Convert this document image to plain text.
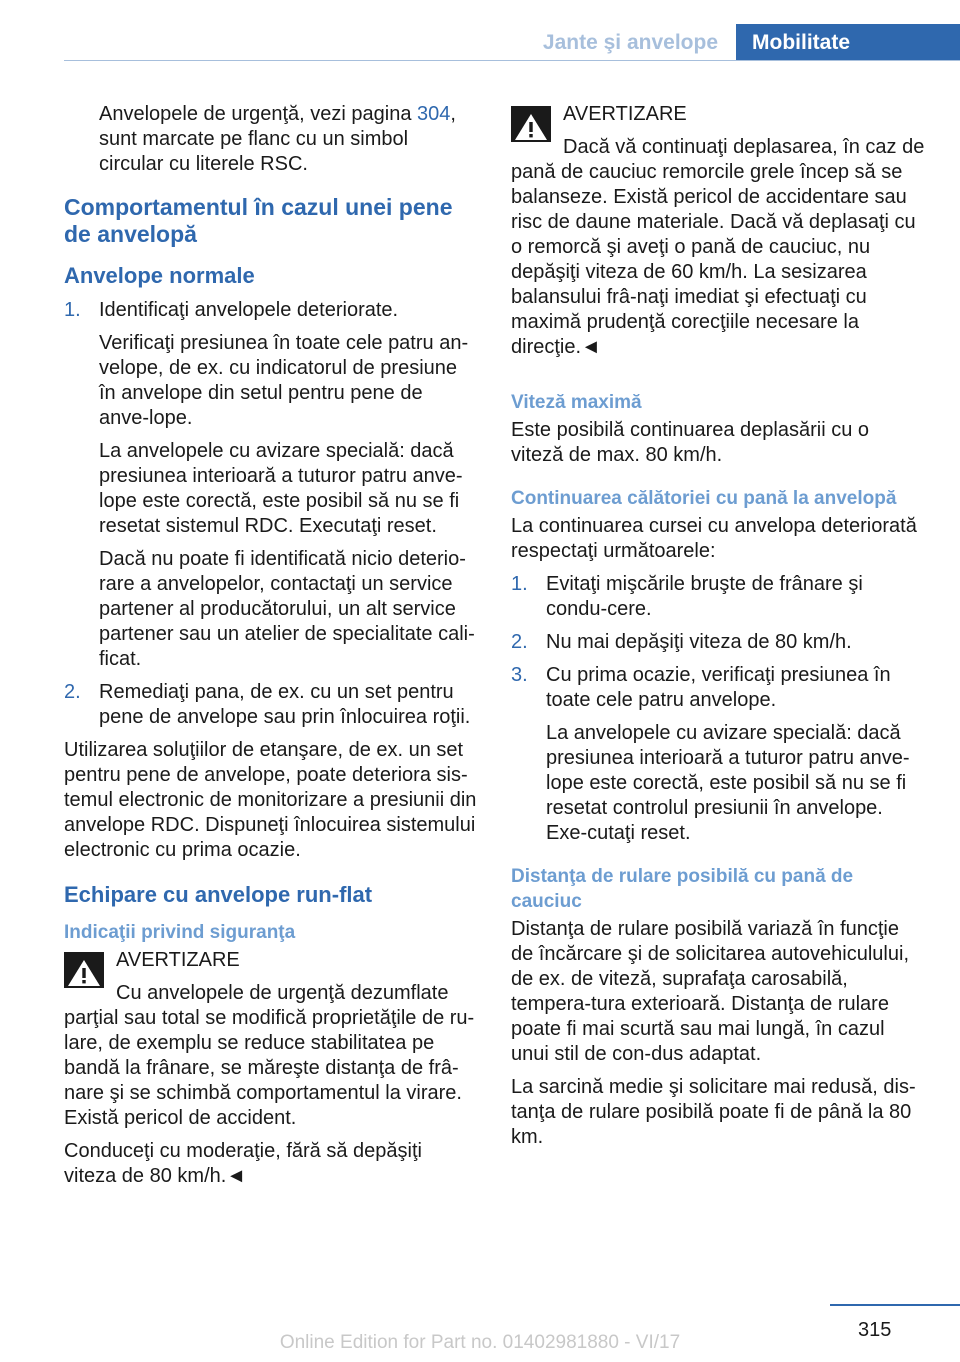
Jante şi anvelope	Mobilitate

Anvelopele de urgenţă, vezi pagina 304, sunt marcate pe flanc cu un simbol circular cu literele RSC.

Comportamentul în cazul unei pene de anvelopă
Anvelope normale
1. Identificaţi anvelopele deteriorate.

Verificaţi presiunea în toate cele patru an‐velope, de ex. cu indicatorul de presiune în anvelope din setul pentru pene de anve‐lope.

La anvelopele cu avizare specială: dacă presiunea interioară a tuturor patru anve‐lope este corectă, este posibil să nu se fi resetat sistemul RDC. Executaţi reset.

Dacă nu poate fi identificată nicio deterio‐rare a anvelopelor, contactaţi un service partener al producătorului, un alt service partener sau un atelier de specialitate cali‐ficat.

2. Remediaţi pana, de ex. cu un set pentru pene de anvelope sau prin înlocuirea roţii.

Utilizarea soluţiilor de etanşare, de ex. un set pentru pene de anvelope, poate deteriora sis‐temul electronic de monitorizare a presiunii din anvelope RDC. Dispuneţi înlocuirea sistemului electronic cu prima ocazie.

Echipare cu anvelope run-flat
Indicaţii privind siguranţa

AVERTIZARE

Cu anvelopele de urgenţă dezumflate parţial sau total se modifică proprietăţile de ru‐lare, de exemplu se reduce stabilitatea pe bandă la frânare, se măreşte distanţa de frâ‐nare şi se schimbă comportamentul la virare. Există pericol de accident.

Conduceţi cu moderaţie, fără să depăşiţi viteza de 80 km/h.◄

AVERTIZARE

Dacă vă continuaţi deplasarea, în caz de pană de cauciuc remorcile grele încep să se balanseze. Există pericol de accidentare sau risc de daune materiale. Dacă vă deplasaţi cu o remorcă şi aveţi o pană de cauciuc, nu depăşiţi viteza de 60 km/h. La sesizarea balansului frâ‐naţi imediat şi efectuaţi cu maximă prudenţă corecţiile necesare la direcţie.◄

Viteză maximă

Este posibilă continuarea deplasării cu o viteză de max. 80 km/h.

Continuarea călătoriei cu pană la anvelopă

La continuarea cursei cu anvelopa deteriorată respectaţi următoarele:

1. Evitaţi mişcările bruşte de frânare şi condu‐cere.

2. Nu mai depăşiţi viteza de 80 km/h.

3. Cu prima ocazie, verificaţi presiunea în toate cele patru anvelope.

La anvelopele cu avizare specială: dacă presiunea interioară a tuturor patru anve‐lope este corectă, este posibil să nu se fi resetat controlul presiunii în anvelope. Exe‐cutaţi reset.

Distanţa de rulare posibilă cu pană de cauciuc

Distanţa de rulare posibilă variază în funcţie de încărcare şi de solicitarea autovehiculului, de ex. de viteză, suprafaţa carosabilă, tempera‐tura exterioară. Distanţa de rulare poate fi mai scurtă sau mai lungă, în cazul unui stil de con‐dus adaptat.

La sarcină medie şi solicitare mai redusă, dis‐tanţa de rulare posibilă poate fi de până la 80 km.

315
Online Edition for Part no. 01402981880 - VI/17
